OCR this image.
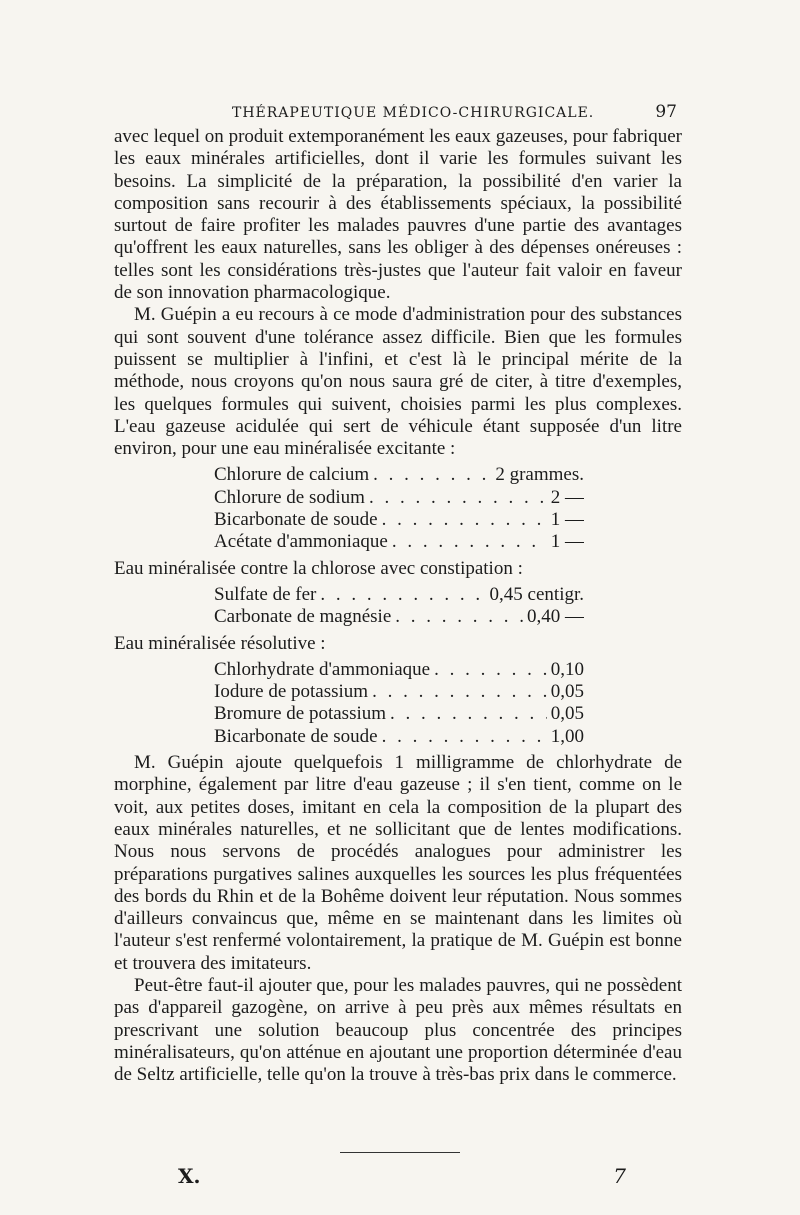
THÉRAPEUTIQUE MÉDICO-CHIRURGICALE.	97

avec lequel on produit extemporanément les eaux gazeuses, pour fabriquer les eaux minérales artificielles, dont il varie les formules suivant les besoins. La simplicité de la préparation, la possibilité d'en varier la composition sans recourir à des établissements spéciaux, la possibilité surtout de faire profiter les malades pauvres d'une partie des avantages qu'offrent les eaux naturelles, sans les obliger à des dépenses onéreuses : telles sont les considérations très-justes que l'auteur fait valoir en faveur de son innovation pharmacologique.

M. Guépin a eu recours à ce mode d'administration pour des substances qui sont souvent d'une tolérance assez difficile. Bien que les formules puissent se multiplier à l'infini, et c'est là le principal mérite de la méthode, nous croyons qu'on nous saura gré de citer, à titre d'exemples, les quelques formules qui suivent, choisies parmi les plus complexes. L'eau gazeuse acidulée qui sert de véhicule étant supposée d'un litre environ, pour une eau minéralisée excitante :

Chlorure de calcium . . .	2 grammes.
Chlorure de sodium . . .	2 —
Bicarbonate de soude . . .	1 —
Acétate d'ammoniaque . . .	1 —

Eau minéralisée contre la chlorose avec constipation :

Sulfate de fer . . .	0,45 centigr.
Carbonate de magnésie . . .	0,40 —

Eau minéralisée résolutive :

Chlorhydrate d'ammoniaque . . .	0,10
Iodure de potassium . . .	0,05
Bromure de potassium . . .	0,05
Bicarbonate de soude . . .	1,00

M. Guépin ajoute quelquefois 1 milligramme de chlorhydrate de morphine, également par litre d'eau gazeuse ; il s'en tient, comme on le voit, aux petites doses, imitant en cela la composition de la plupart des eaux minérales naturelles, et ne sollicitant que de lentes modifications. Nous nous servons de procédés analogues pour administrer les préparations purgatives salines auxquelles les sources les plus fréquentées des bords du Rhin et de la Bohême doivent leur réputation. Nous sommes d'ailleurs convaincus que, même en se maintenant dans les limites où l'auteur s'est renfermé volontairement, la pratique de M. Guépin est bonne et trouvera des imitateurs.

Peut-être faut-il ajouter que, pour les malades pauvres, qui ne possèdent pas d'appareil gazogène, on arrive à peu près aux mêmes résultats en prescrivant une solution beaucoup plus concentrée des principes minéralisateurs, qu'on atténue en ajoutant une proportion déterminée d'eau de Seltz artificielle, telle qu'on la trouve à très-bas prix dans le commerce.

X.	7
